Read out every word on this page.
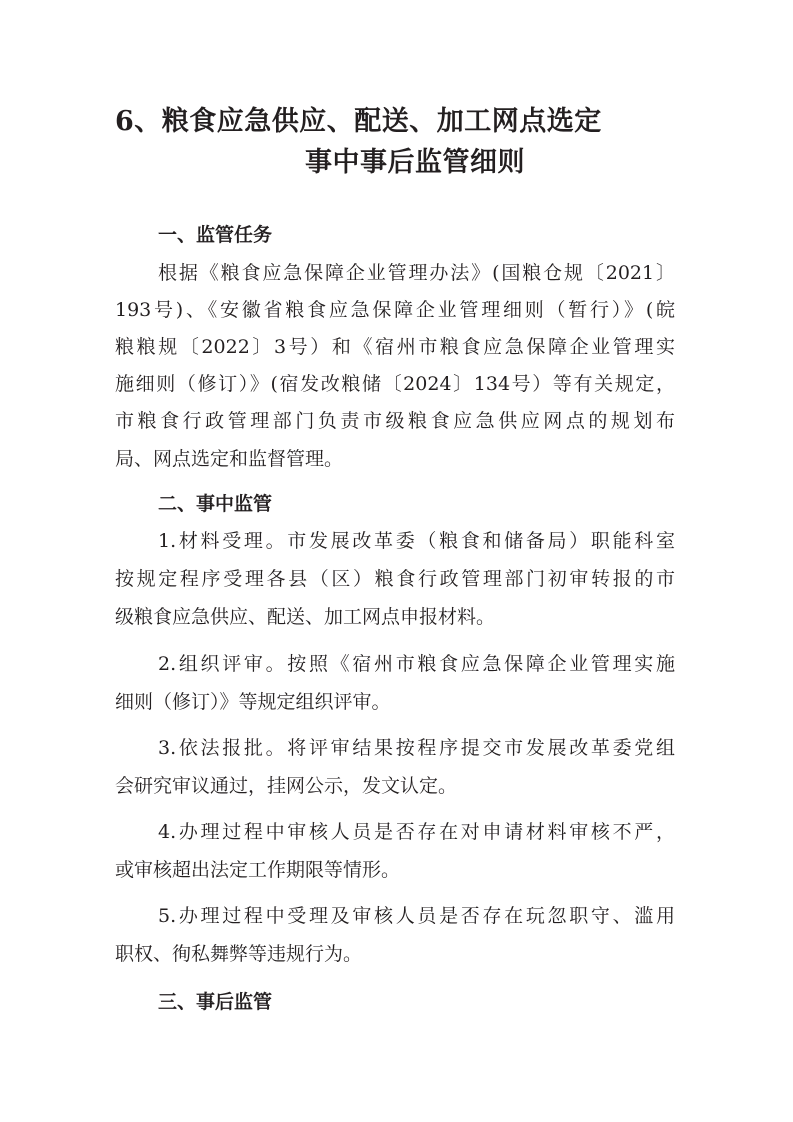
6、粮食应急供应、配送、加工网点选定
事中事后监管细则
一、监管任务
根据《粮食应急保障企业管理办法》(国粮仓规〔2021〕
193号)、《安徽省粮食应急保障企业管理细则（暂行）》(皖
粮粮规〔2022〕3号）和《宿州市粮食应急保障企业管理实
施细则（修订）》(宿发改粮储〔2024〕134号）等有关规定，
市粮食行政管理部门负责市级粮食应急供应网点的规划布
局、网点选定和监督管理。
二、事中监管
1.材料受理。市发展改革委（粮食和储备局）职能科室
按规定程序受理各县（区）粮食行政管理部门初审转报的市
级粮食应急供应、配送、加工网点申报材料。
2.组织评审。按照《宿州市粮食应急保障企业管理实施
细则（修订）》等规定组织评审。
3.依法报批。将评审结果按程序提交市发展改革委党组
会研究审议通过，挂网公示，发文认定。
4.办理过程中审核人员是否存在对申请材料审核不严，
或审核超出法定工作期限等情形。
5.办理过程中受理及审核人员是否存在玩忽职守、滥用
职权、徇私舞弊等违规行为。
三、事后监管
